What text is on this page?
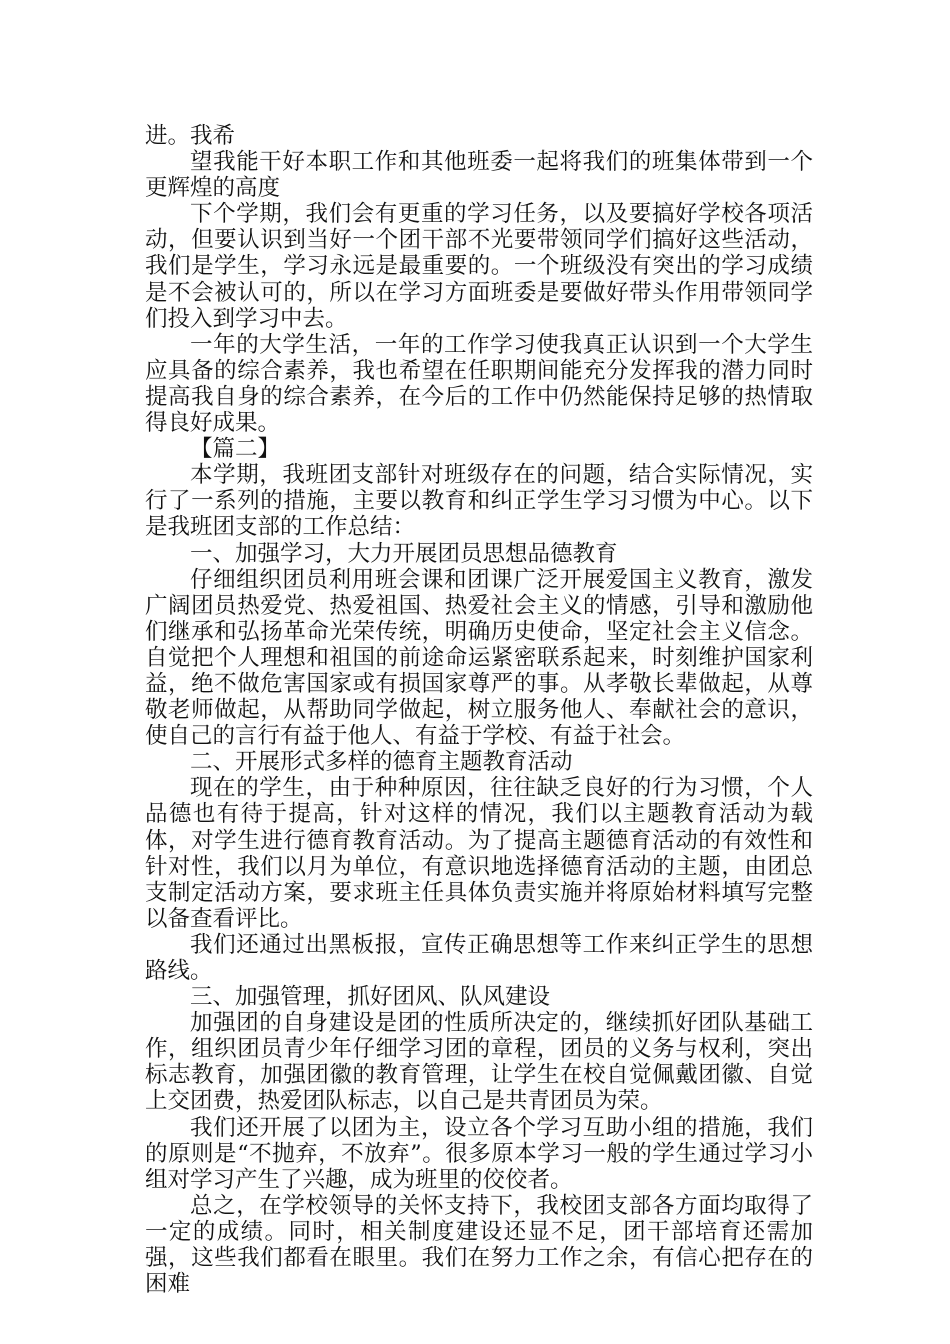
进。我希

望我能干好本职工作和其他班委一起将我们的班集体带到一个更辉煌的高度

下个学期，我们会有更重的学习任务，以及要搞好学校各项活动，但要认识到当好一个团干部不光要带领同学们搞好这些活动，我们是学生，学习永远是最重要的。一个班级没有突出的学习成绩是不会被认可的，所以在学习方面班委是要做好带头作用带领同学们投入到学习中去。

一年的大学生活，一年的工作学习使我真正认识到一个大学生应具备的综合素养，我也希望在任职期间能充分发挥我的潜力同时提高我自身的综合素养，在今后的工作中仍然能保持足够的热情取得良好成果。

【篇二】

本学期，我班团支部针对班级存在的问题，结合实际情况，实行了一系列的措施，主要以教育和纠正学生学习习惯为中心。以下是我班团支部的工作总结：

一、加强学习，大力开展团员思想品德教育

仔细组织团员利用班会课和团课广泛开展爱国主义教育，激发广阔团员热爱党、热爱祖国、热爱社会主义的情感，引导和激励他们继承和弘扬革命光荣传统，明确历史使命，坚定社会主义信念。自觉把个人理想和祖国的前途命运紧密联系起来，时刻维护国家利益，绝不做危害国家或有损国家尊严的事。从孝敬长辈做起，从尊敬老师做起，从帮助同学做起，树立服务他人、奉献社会的意识，使自己的言行有益于他人、有益于学校、有益于社会。

二、开展形式多样的德育主题教育活动

现在的学生，由于种种原因，往往缺乏良好的行为习惯，个人品德也有待于提高，针对这样的情况，我们以主题教育活动为载体，对学生进行德育教育活动。为了提高主题德育活动的有效性和针对性，我们以月为单位，有意识地选择德育活动的主题，由团总支制定活动方案，要求班主任具体负责实施并将原始材料填写完整以备查看评比。

我们还通过出黑板报，宣传正确思想等工作来纠正学生的思想路线。

三、加强管理，抓好团风、队风建设

加强团的自身建设是团的性质所决定的，继续抓好团队基础工作，组织团员青少年仔细学习团的章程，团员的义务与权利，突出标志教育，加强团徽的教育管理，让学生在校自觉佩戴团徽、自觉上交团费，热爱团队标志，以自己是共青团员为荣。

我们还开展了以团为主，设立各个学习互助小组的措施，我们的原则是“不抛弃，不放弃”。很多原本学习一般的学生通过学习小组对学习产生了兴趣，成为班里的佼佼者。

总之，在学校领导的关怀支持下，我校团支部各方面均取得了一定的成绩。同时，相关制度建设还显不足，团干部培育还需加强，这些我们都看在眼里。我们在努力工作之余，有信心把存在的困难
